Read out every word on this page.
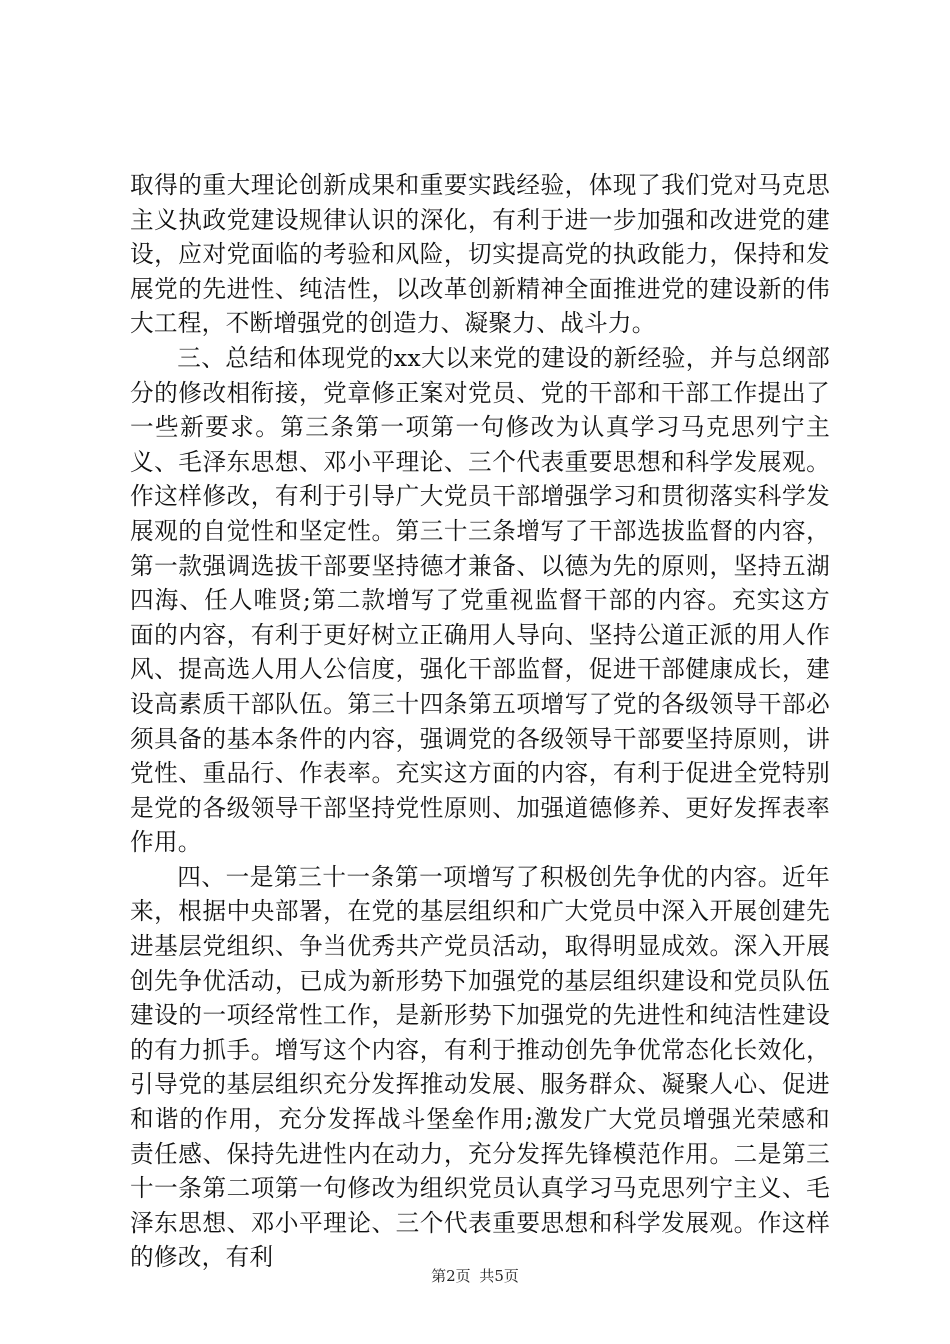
取得的重大理论创新成果和重要实践经验，体现了我们党对马克思主义执政党建设规律认识的深化，有利于进一步加强和改进党的建设，应对党面临的考验和风险，切实提高党的执政能力，保持和发展党的先进性、纯洁性，以改革创新精神全面推进党的建设新的伟大工程，不断增强党的创造力、凝聚力、战斗力。

三、总结和体现党的xx大以来党的建设的新经验，并与总纲部分的修改相衔接，党章修正案对党员、党的干部和干部工作提出了一些新要求。第三条第一项第一句修改为认真学习马克思列宁主义、毛泽东思想、邓小平理论、三个代表重要思想和科学发展观。作这样修改，有利于引导广大党员干部增强学习和贯彻落实科学发展观的自觉性和坚定性。第三十三条增写了干部选拔监督的内容，第一款强调选拔干部要坚持德才兼备、以德为先的原则，坚持五湖四海、任人唯贤;第二款增写了党重视监督干部的内容。充实这方面的内容，有利于更好树立正确用人导向、坚持公道正派的用人作风、提高选人用人公信度，强化干部监督，促进干部健康成长，建设高素质干部队伍。第三十四条第五项增写了党的各级领导干部必须具备的基本条件的内容，强调党的各级领导干部要坚持原则，讲党性、重品行、作表率。充实这方面的内容，有利于促进全党特别是党的各级领导干部坚持党性原则、加强道德修养、更好发挥表率作用。

四、一是第三十一条第一项增写了积极创先争优的内容。近年来，根据中央部署，在党的基层组织和广大党员中深入开展创建先进基层党组织、争当优秀共产党员活动，取得明显成效。深入开展创先争优活动，已成为新形势下加强党的基层组织建设和党员队伍建设的一项经常性工作，是新形势下加强党的先进性和纯洁性建设的有力抓手。增写这个内容，有利于推动创先争优常态化长效化，引导党的基层组织充分发挥推动发展、服务群众、凝聚人心、促进和谐的作用，充分发挥战斗堡垒作用;激发广大党员增强光荣感和责任感、保持先进性内在动力，充分发挥先锋模范作用。二是第三十一条第二项第一句修改为组织党员认真学习马克思列宁主义、毛泽东思想、邓小平理论、三个代表重要思想和科学发展观。作这样的修改，有利

第2页 共5页
